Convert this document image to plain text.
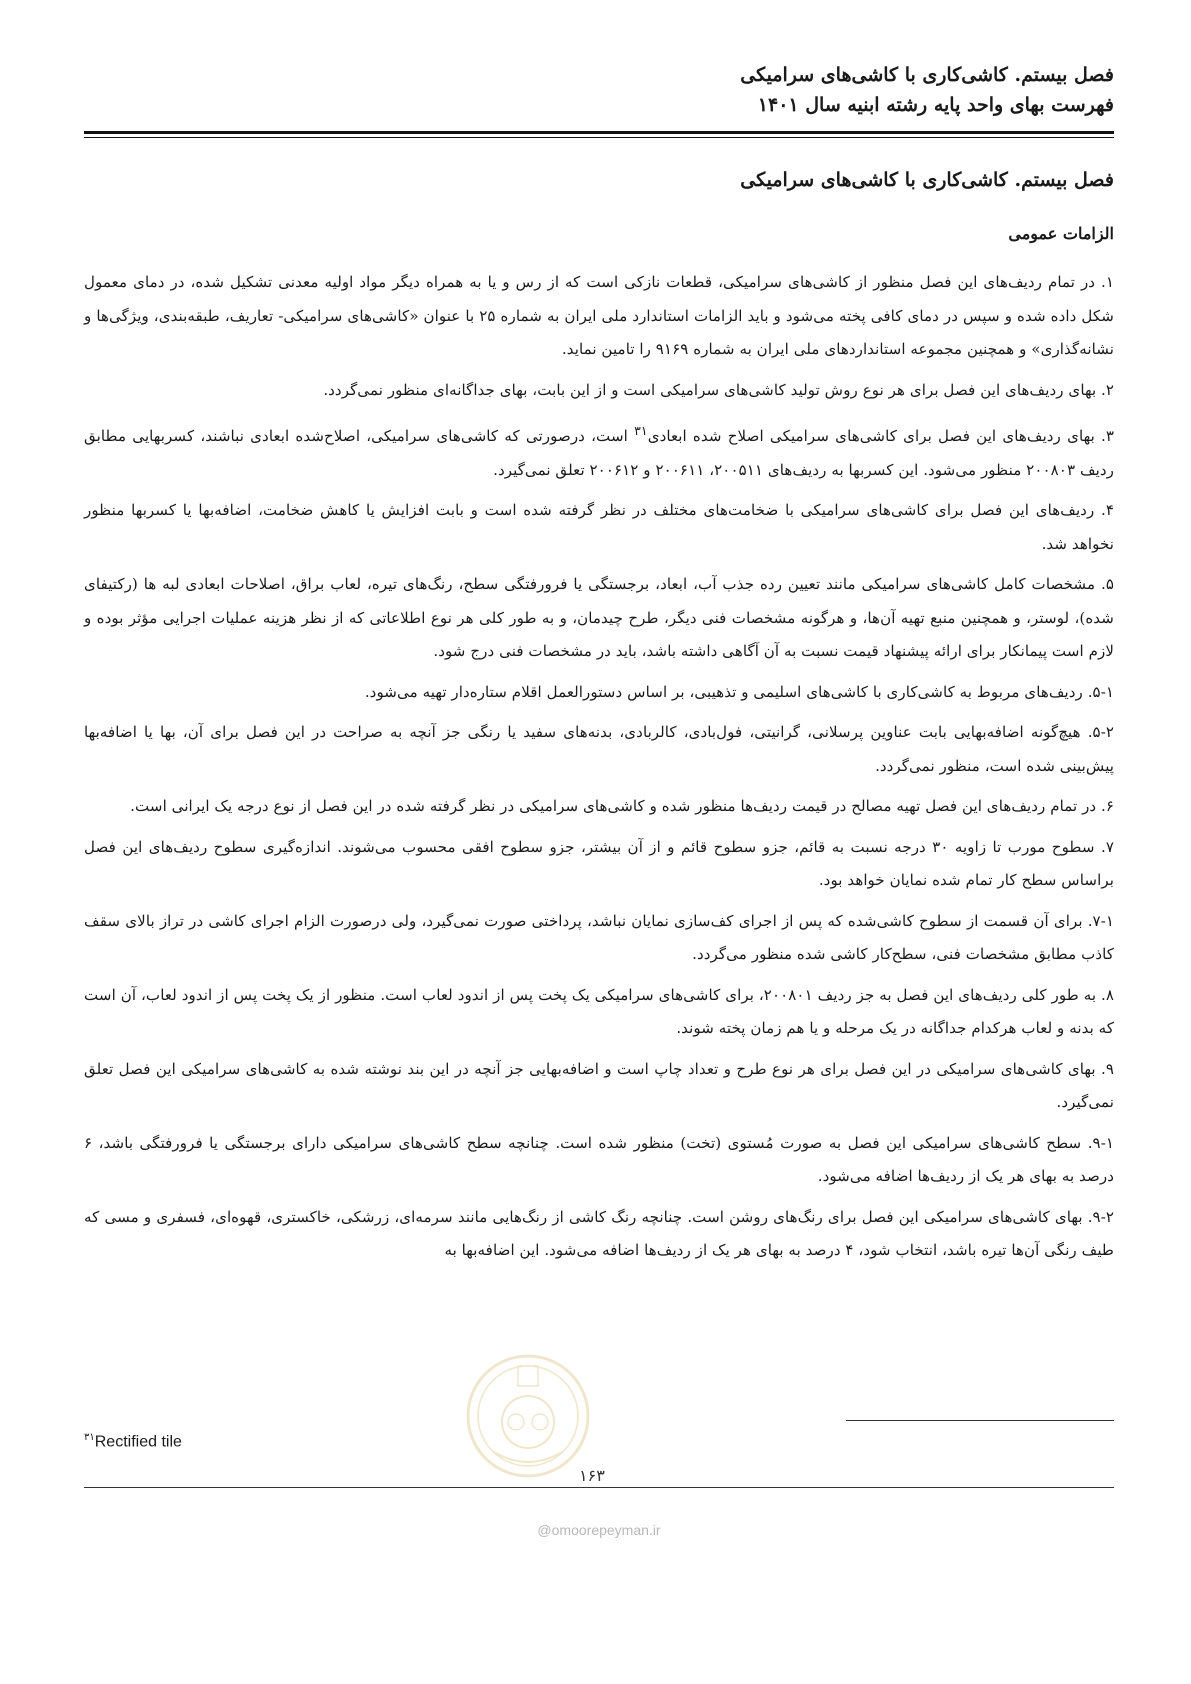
فصل بیستم. کاشی‌کاری با کاشی‌های سرامیکی
فهرست بهای واحد پایه رشته ابنیه سال ۱۴۰۱
فصل بیستم. کاشی‌کاری با کاشی‌های سرامیکی
الزامات عمومی

۱. در تمام ردیف‌های این فصل منظور از کاشی‌های سرامیکی، قطعات نازکی است که از رس و یا به همراه دیگر مواد اولیه معدنی تشکیل شده، در دمای معمول شکل داده شده و سپس در دمای کافی پخته می‌شود و باید الزامات استاندارد ملی ایران به شماره ۲۵ با عنوان «کاشی‌های سرامیکی- تعاریف، طبقه‌بندی، ویژگی‌ها و نشانه‌گذاری» و همچنین مجموعه استانداردهای ملی ایران به شماره ۹۱۶۹ را تامین نماید.

۲. بهای ردیف‌های این فصل برای هر نوع روش تولید کاشی‌های سرامیکی است و از این بابت، بهای جداگانه‌ای منظور نمی‌گردد.

۳. بهای ردیف‌های این فصل برای کاشی‌های سرامیکی اصلاح شده ابعادی$^{۳۱}$ است، درصورتی که کاشی‌های سرامیکی، اصلاح‌شده ابعادی نباشند، کسربهایی مطابق ردیف ۲۰۰۸۰۳ منظور می‌شود. این کسربها به ردیف‌های ۲۰۰۵۱۱، ۲۰۰۶۱۱ و ۲۰۰۶۱۲ تعلق نمی‌گیرد.

۴. ردیف‌های این فصل برای کاشی‌های سرامیکی با ضخامت‌های مختلف در نظر گرفته شده است و بابت افزایش یا کاهش ضخامت، اضافه‌بها یا کسربها منظور نخواهد شد.

۵. مشخصات کامل کاشی‌های سرامیکی مانند تعیین رده جذب آب، ابعاد، برجستگی یا فرورفتگی سطح، رنگ‌های تیره، لعاب براق، اصلاحات ابعادی لبه ها (رکتیفای شده)، لوستر، و همچنین منبع تهیه آن‌ها، و هرگونه مشخصات فنی دیگر، طرح چیدمان، و به طور کلی هر نوع اطلاعاتی که از نظر هزینه عملیات اجرایی مؤثر بوده و لازم است پیمانکار برای ارائه پیشنهاد قیمت نسبت به آن آگاهی داشته باشد، باید در مشخصات فنی درج شود.

۵-۱. ردیف‌های مربوط به کاشی‌کاری با کاشی‌های اسلیمی و تذهیبی، بر اساس دستورالعمل اقلام ستاره‌دار تهیه می‌شود.

۵-۲. هیچ‌گونه اضافه‌بهایی بابت عناوین پرسلانی، گرانیتی، فول‌بادی، کالربادی، بدنه‌های سفید یا رنگی جز آنچه به صراحت در این فصل برای آن، بها یا اضافه‌بها پیش‌بینی شده است، منظور نمی‌گردد.

۶. در تمام ردیف‌های این فصل تهیه مصالح در قیمت ردیف‌ها منظور شده و کاشی‌های سرامیکی در نظر گرفته شده در این فصل از نوع درجه یک ایرانی است.

۷. سطوح مورب تا زاویه ۳۰ درجه نسبت به قائم، جزو سطوح قائم و از آن بیشتر، جزو سطوح افقی محسوب می‌شوند. اندازه‌گیری سطوح ردیف‌های این فصل براساس سطح کار تمام شده نمایان خواهد بود.

۷-۱. برای آن قسمت از سطوح کاشی‌شده که پس از اجرای کف‌سازی نمایان نباشد، پرداختی صورت نمی‌گیرد، ولی درصورت الزام اجرای کاشی در تراز بالای سقف کاذب مطابق مشخصات فنی، سطح‌کار کاشی شده منظور می‌گردد.

۸. به طور کلی ردیف‌های این فصل به جز ردیف ۲۰۰۸۰۱، برای کاشی‌های سرامیکی یک پخت پس از اندود لعاب است. منظور از یک پخت پس از اندود لعاب، آن است که بدنه و لعاب هرکدام جداگانه در یک مرحله و یا هم زمان پخته شوند.

۹. بهای کاشی‌های سرامیکی در این فصل برای هر نوع طرح و تعداد چاپ است و اضافه‌بهایی جز آنچه در این بند نوشته شده به کاشی‌های سرامیکی این فصل تعلق نمی‌گیرد.

۹-۱. سطح کاشی‌های سرامیکی این فصل به صورت مُستوی (تخت) منظور شده است. چنانچه سطح کاشی‌های سرامیکی دارای برجستگی یا فرورفتگی باشد، ۶ درصد به بهای هر یک از ردیف‌ها اضافه می‌شود.

۹-۲. بهای کاشی‌های سرامیکی این فصل برای رنگ‌های روشن است. چنانچه رنگ کاشی از رنگ‌هایی مانند سرمه‌ای، زرشکی، خاکستری، قهوه‌ای، فسفری و مسی که طیف رنگی آن‌ها تیره باشد، انتخاب شود، ۴ درصد به بهای هر یک از ردیف‌ها اضافه می‌شود. این اضافه‌بها به

$^{۳۱}$Rectified tile
۱۶۳
@omoorepeyman.ir
